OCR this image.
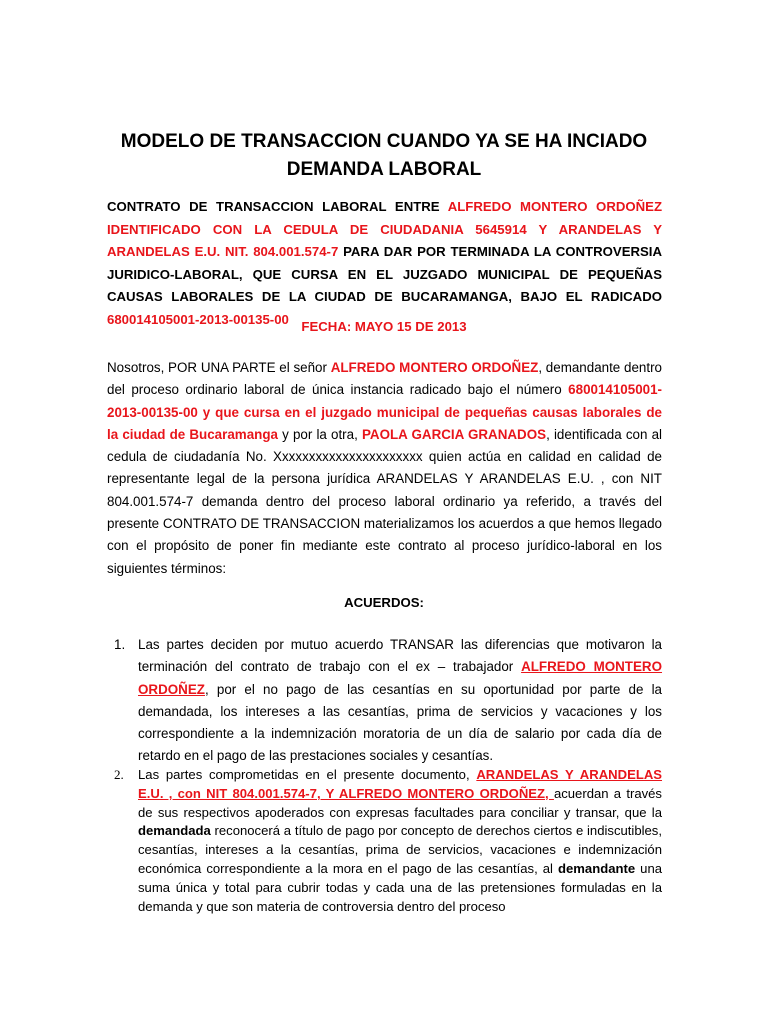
MODELO DE TRANSACCION CUANDO YA SE HA INCIADO
DEMANDA LABORAL
CONTRATO DE TRANSACCION LABORAL ENTRE ALFREDO MONTERO ORDOÑEZ IDENTIFICADO CON LA CEDULA DE CIUDADANIA 5645914 Y ARANDELAS Y ARANDELAS E.U. NIT. 804.001.574-7 PARA DAR POR TERMINADA LA CONTROVERSIA JURIDICO-LABORAL, QUE CURSA EN EL JUZGADO MUNICIPAL DE PEQUEÑAS CAUSAS LABORALES DE LA CIUDAD DE BUCARAMANGA, BAJO EL RADICADO 680014105001-2013-00135-00 FECHA: MAYO 15 DE 2013
Nosotros, POR UNA PARTE el señor ALFREDO MONTERO ORDOÑEZ, demandante dentro del proceso ordinario laboral de única instancia radicado bajo el número 680014105001-2013-00135-00 y que cursa en el juzgado municipal de pequeñas causas laborales de la ciudad de Bucaramanga y por la otra, PAOLA GARCIA GRANADOS, identificada con al cedula de ciudadanía No. Xxxxxxxxxxxxxxxxxxxxxx quien actúa en calidad en calidad de representante legal de la persona jurídica ARANDELAS Y ARANDELAS E.U. , con NIT 804.001.574-7 demanda dentro del proceso laboral ordinario ya referido, a través del presente CONTRATO DE TRANSACCION materializamos los acuerdos a que hemos llegado con el propósito de poner fin mediante este contrato al proceso jurídico-laboral en los siguientes términos:
ACUERDOS:
1. Las partes deciden por mutuo acuerdo TRANSAR las diferencias que motivaron la terminación del contrato de trabajo con el ex – trabajador ALFREDO MONTERO ORDOÑEZ, por el no pago de las cesantías en su oportunidad por parte de la demandada, los intereses a las cesantías, prima de servicios y vacaciones y los correspondiente a la indemnización moratoria de un día de salario por cada día de retardo en el pago de las prestaciones sociales y cesantías.
2.	Las partes comprometidas en el presente documento, ARANDELAS Y ARANDELAS E.U. , con NIT 804.001.574-7, Y ALFREDO MONTERO ORDOÑEZ, acuerdan a través de sus respectivos apoderados con expresas facultades para conciliar y transar, que la demandada reconocerá a título de pago por concepto de derechos ciertos e indiscutibles, cesantías, intereses a la cesantías, prima de servicios, vacaciones e indemnización económica correspondiente a la mora en el pago de las cesantías, al demandante una suma única y total para cubrir todas y cada una de las pretensiones formuladas en la demanda y que son materia de controversia dentro del proceso
